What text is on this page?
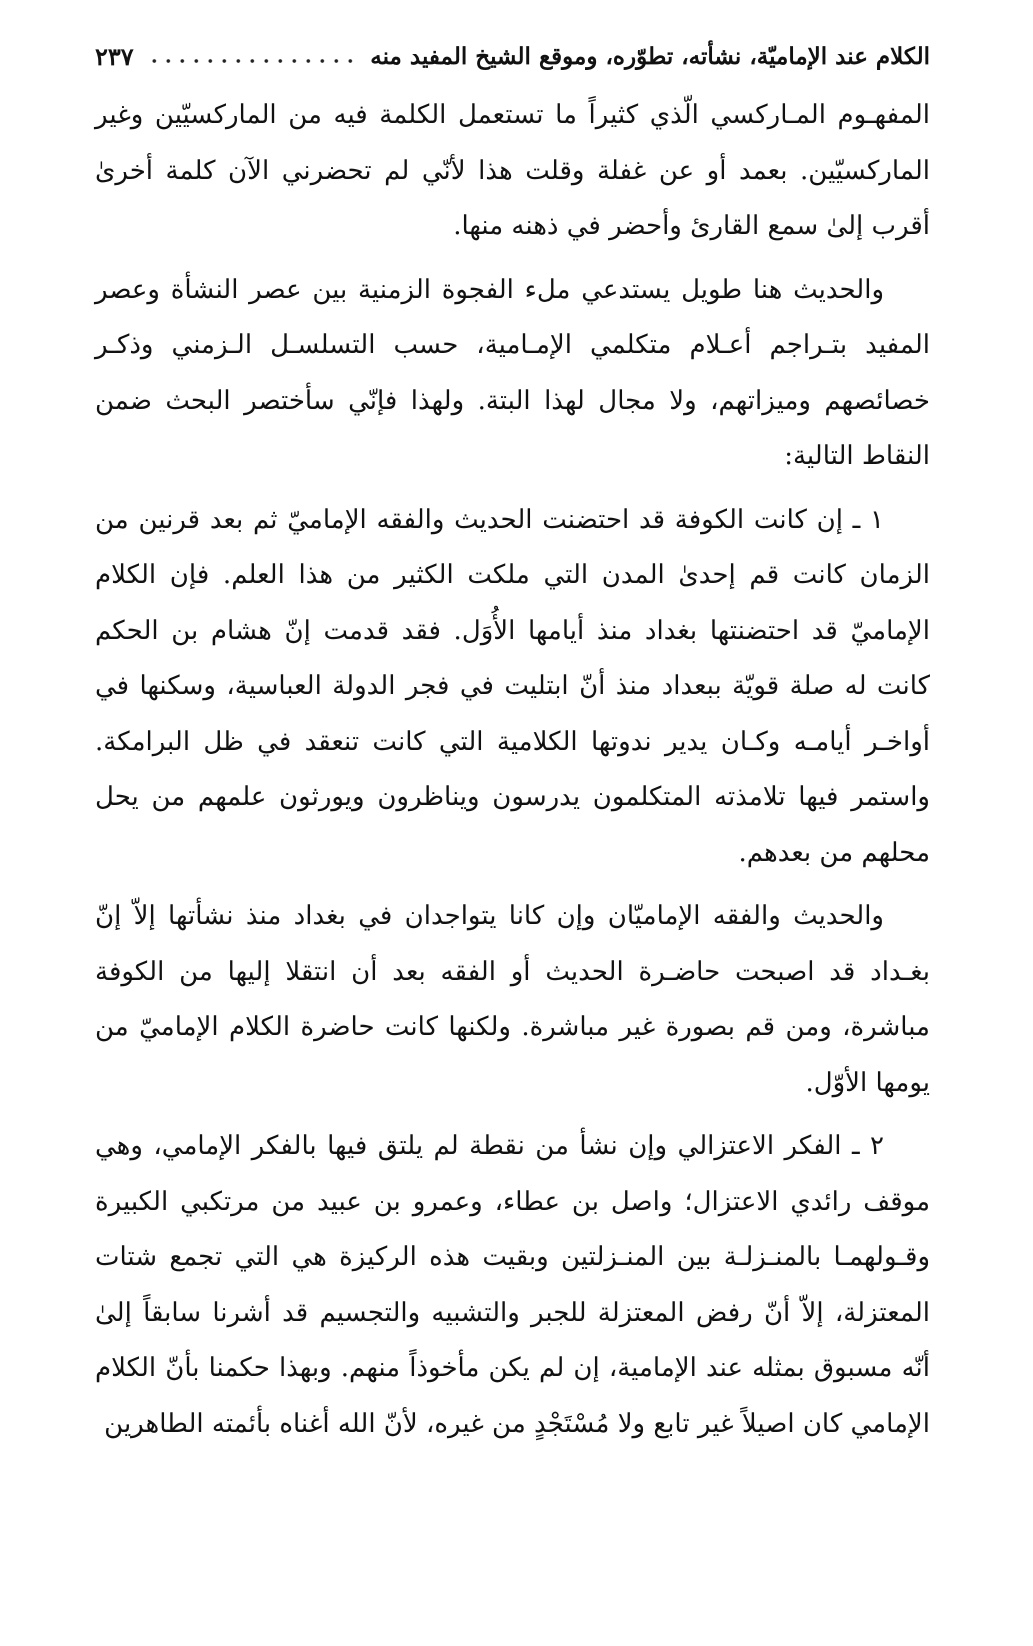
الكلام عند الإماميّة، نشأته، تطوّره، وموقع الشيخ المفيد منه
٢٣٧

المفهـوم المـاركسي الّذي كثيراً ما تستعمل الكلمة فيه من الماركسيّين وغير الماركسيّين. بعمد أو عن غفلة وقلت هذا لأنّي لم تحضرني الآن كلمة أخرىٰ أقرب إلىٰ سمع القارئ وأحضر في ذهنه منها.

والحديث هنا طويل يستدعي ملء الفجوة الزمنية بين عصر النشأة وعصر المفيد بتـراجم أعـلام متكلمي الإمـامية، حسب التسلسـل الـزمني وذكـر خصائصهم وميزاتهم، ولا مجال لهذا البتة. ولهذا فإنّي سأختصر البحث ضمن النقاط التالية:

١ ـ إن كانت الكوفة قد احتضنت الحديث والفقه الإماميّ ثم بعد قرنين من الزمان كانت قم إحدىٰ المدن التي ملكت الكثير من هذا العلم. فإن الكلام الإماميّ قد احتضنتها بغداد منذ أيامها الأُوَل. فقد قدمت إنّ هشام بن الحكم كانت له صلة قويّة ببعداد منذ أنّ ابتليت في فجر الدولة العباسية، وسكنها في أواخـر أيامـه وكـان يدير ندوتها الكلامية التي كانت تنعقد في ظل البرامكة. واستمر فيها تلامذته المتكلمون يدرسون ويناظرون ويورثون علمهم من يحل محلهم من بعدهم.

والحديث والفقه الإماميّان وإن كانا يتواجدان في بغداد منذ نشأتها إلاّ إنّ بغـداد قد اصبحت حاضـرة الحديث أو الفقه بعد أن انتقلا إليها من الكوفة مباشرة، ومن قم بصورة غير مباشرة. ولكنها كانت حاضرة الكلام الإماميّ من يومها الأوّل.

٢ ـ الفكر الاعتزالي وإن نشأ من نقطة لم يلتق فيها بالفكر الإمامي، وهي موقف رائدي الاعتزال؛ واصل بن عطاء، وعمرو بن عبيد من مرتكبي الكبيرة وقـولهمـا بالمنـزلـة بين المنـزلتين وبقيت هذه الركيزة هي التي تجمع شتات المعتزلة، إلاّ أنّ رفض المعتزلة للجبر والتشبيه والتجسيم قد أشرنا سابقاً إلىٰ أنّه مسبوق بمثله عند الإمامية، إن لم يكن مأخوذاً منهم. وبهذا حكمنا بأنّ الكلام الإمامي كان اصيلاً غير تابع ولا مُسْتَجْدٍ من غيره، لأنّ الله أغناه بأئمته الطاهرين
